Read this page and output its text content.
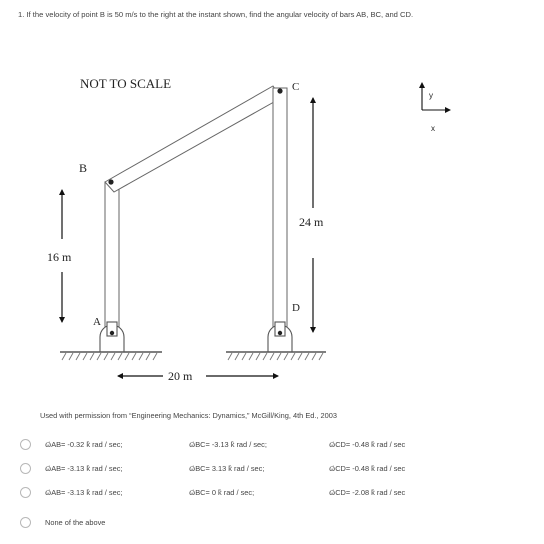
1. If the velocity of point B is 50 m/s to the right at the instant shown, find the angular velocity of bars AB, BC, and CD.
NOT TO SCALE
B
C
A
D
16 m
24 m
20 m
y
x
Used with permission from “Engineering Mechanics: Dynamics,” McGill/King, 4th Ed., 2003
ω⃗AB= -0.32 k̂ rad / sec;	ω⃗BC= -3.13 k̂ rad / sec;	ω⃗CD= -0.48 k̂ rad / sec
ω⃗AB= -3.13 k̂ rad / sec;	ω⃗BC= 3.13 k̂ rad / sec;	ω⃗CD= -0.48 k̂ rad / sec
ω⃗AB= -3.13 k̂ rad / sec;	ω⃗BC= 0 k̂ rad / sec;	ω⃗CD= -2.08 k̂ rad / sec
None of the above
